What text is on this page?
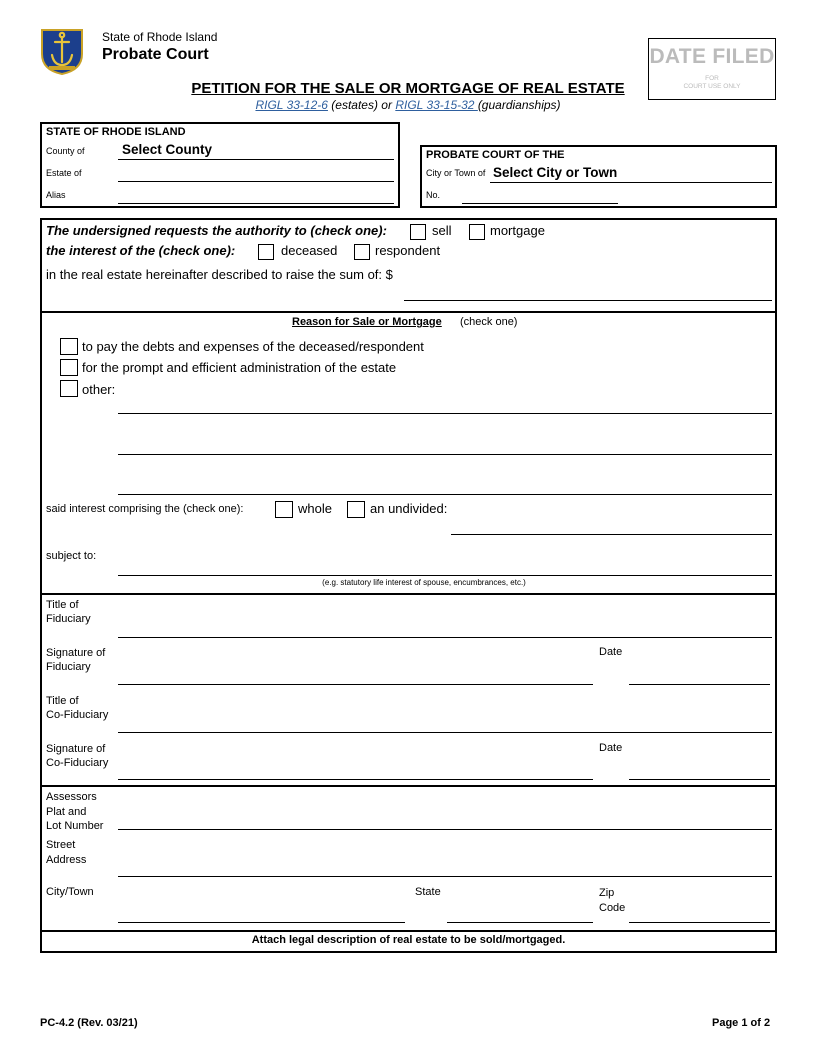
State of Rhode Island
Probate Court	DATE FILED
FOR
COURT USE ONLY
PETITION FOR THE SALE OR MORTGAGE OF REAL ESTATE
RIGL 33-12-6 (estates) or RIGL 33-15-32 (guardianships)
STATE OF RHODE ISLAND
County of	Select County
Estate of
Alias
PROBATE COURT OF THE
City or Town of Select City or Town
No.
The undersigned requests the authority to (check one):	sell	mortgage
the interest of the (check one):	deceased	respondent
in the real estate hereinafter described to raise the sum of: $
Reason for Sale or Mortgage (check one)
to pay the debts and expenses of the deceased/respondent
for the prompt and efficient administration of the estate
other:
said interest comprising the (check one):	whole	an undivided:
subject to:
(e.g. statutory life interest of spouse, encumbrances, etc.)
Title of
Fiduciary
Signature of
Fiduciary
Date
Title of
Co-Fiduciary
Signature of
Co-Fiduciary
Date
Assessors
Plat and
Lot Number
Street
Address
City/Town	State	Zip
Code
Attach legal description of real estate to be sold/mortgaged.
PC-4.2 (Rev. 03/21)	Page 1 of 2
